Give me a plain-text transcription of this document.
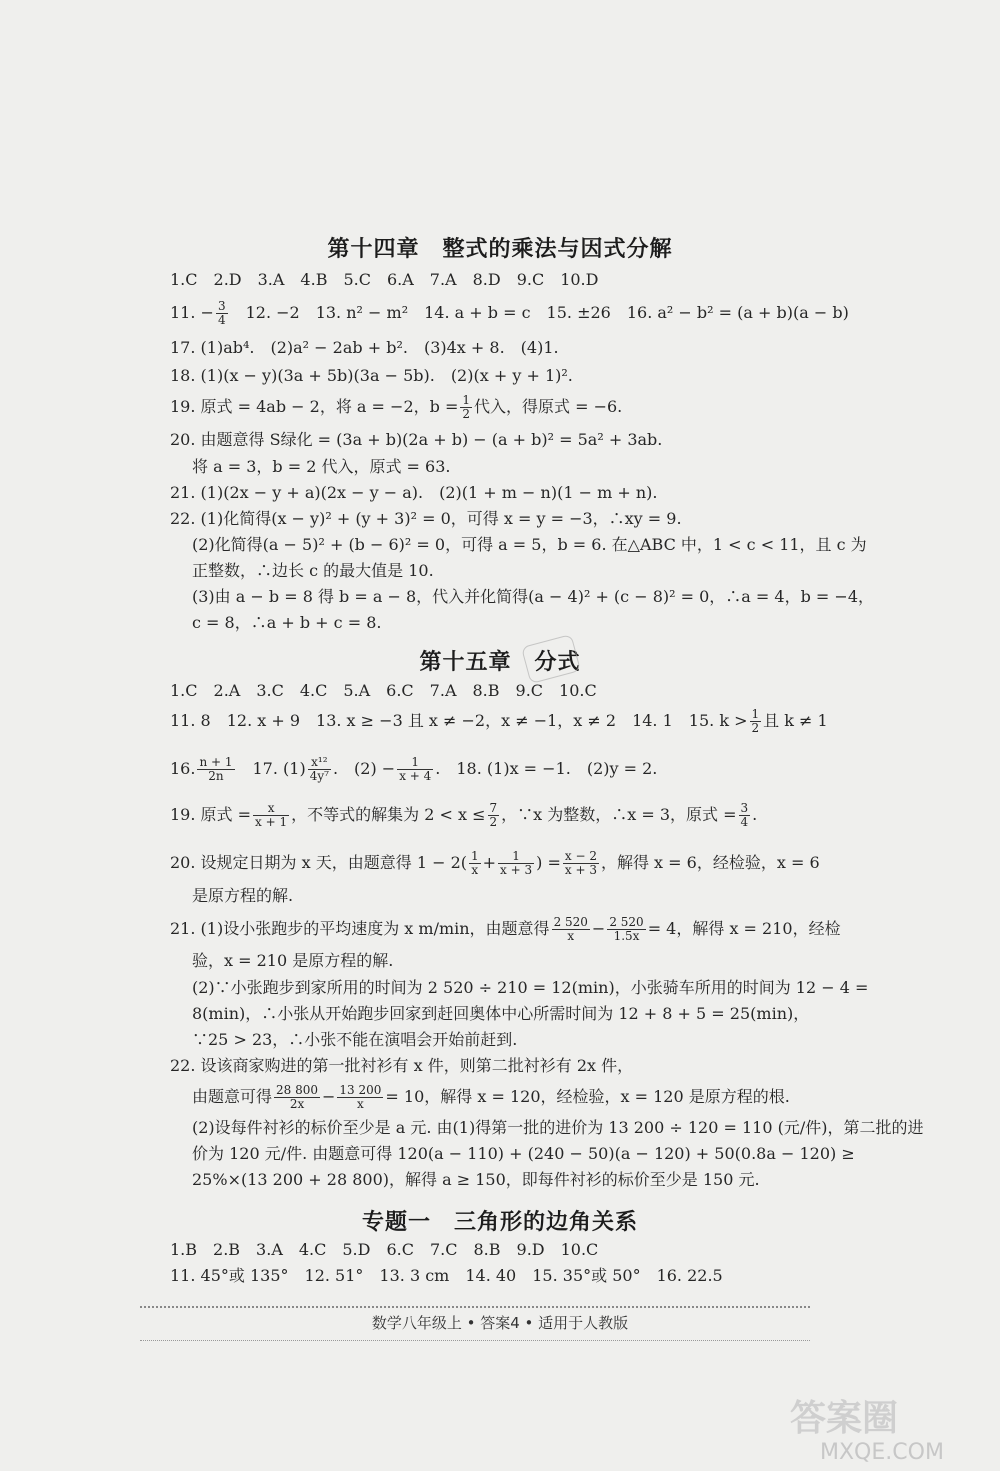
第十四章　整式的乘法与因式分解
1.C　2.D　3.A　4.B　5.C　6.A　7.A　8.D　9.C　10.D
11. − $\frac{3}{4}$ 　12. −2　13. n² − m²　14. a + b = c　15. ±26　16. a² − b² = (a + b)(a − b)
17. (1)ab⁴.　(2)a² − 2ab + b².　(3)4x + 8.　(4)1.
18. (1)(x − y)(3a + 5b)(3a − 5b).　(2)(x + y + 1)².
19. 原式 = 4ab − 2，将 a = −2，$b = \frac{1}{2}$ 代入，得原式 = −6.
20. 由题意得 S绿化 = (3a + b)(2a + b) − (a + b)² = 5a² + 3ab.
将 a = 3，b = 2 代入，原式 = 63.
21. (1)(2x − y + a)(2x − y − a).　(2)(1 + m − n)(1 − m + n).
22. (1)化简得(x − y)² + (y + 3)² = 0，可得 x = y = −3，∴xy = 9.
(2)化简得(a − 5)² + (b − 6)² = 0，可得 a = 5，b = 6. 在△ABC 中，1 < c < 11，且 c 为
正整数，∴边长 c 的最大值是 10.
(3)由 a − b = 8 得 b = a − 8，代入并化简得(a − 4)² + (c − 8)² = 0，∴a = 4，b = −4，
c = 8，∴a + b + c = 8.
第十五章　分式
1.C　2.A　3.C　4.C　5.A　6.C　7.A　8.B　9.C　10.C
11. 8　12. x + 9　13. x ≥ −3 且 x ≠ −2，x ≠ −1，x ≠ 2　14. 1　15. $k > \frac{1}{2}$ 且 k ≠ 1
16. $\frac{n + 1}{2n}$ 　17. $(1) \frac{\text{x¹²}}{\text{4y⁷}}$ .　$(2) - \frac{1}{x + 4}$ .　18. (1)x = −1.　(2)y = 2.
19. 原式 = $\frac{x}{x + 1}$ ，不等式的解集为 $2 < x \le \frac{7}{2}$ ，∵x 为整数，∴x = 3，原式 = $\frac{3}{4}$ .
20. 设规定日期为 x 天，由题意得 $1 - 2( \frac{1}{x} + \frac{1}{x + 3}$ ) = $\frac{x - 2}{x + 3}$ ，解得 x = 6，经检验，x = 6
是原方程的解.
21. (1)设小张跑步的平均速度为 x m/min，由题意得 $\frac{2 520}{x} - \frac{2 520}{1.5x} = 4$，解得 x = 210，经检
验，x = 210 是原方程的解.
(2)∵小张跑步到家所用的时间为 2 520 ÷ 210 = 12(min)，小张骑车所用的时间为 12 − 4 =
8(min)，∴小张从开始跑步回家到赶回奥体中心所需时间为 12 + 8 + 5 = 25(min)，
∵25 > 23，∴小张不能在演唱会开始前赶到.
22. 设该商家购进的第一批衬衫有 x 件，则第二批衬衫有 2x 件，
由题意可得 $\frac{28 800}{2x} - \frac{13 200}{x} = 10$，解得 x = 120，经检验，x = 120 是原方程的根.
(2)设每件衬衫的标价至少是 a 元. 由(1)得第一批的进价为 13 200 ÷ 120 = 110 (元/件)，第二批的进
价为 120 元/件. 由题意可得 120(a − 110) + (240 − 50)(a − 120) + 50(0.8a − 120) ≥
25%×(13 200 + 28 800)，解得 a ≥ 150，即每件衬衫的标价至少是 150 元.
专题一　三角形的边角关系
1.B　2.B　3.A　4.C　5.D　6.C　7.C　8.B　9.D　10.C
11. 45°或 135°　12. 51°　13. 3 cm　14. 40　15. 35°或 50°　16. 22.5
数学八年级上 • 答案4 • 适用于人教版
答案圈
MXQE.COM
